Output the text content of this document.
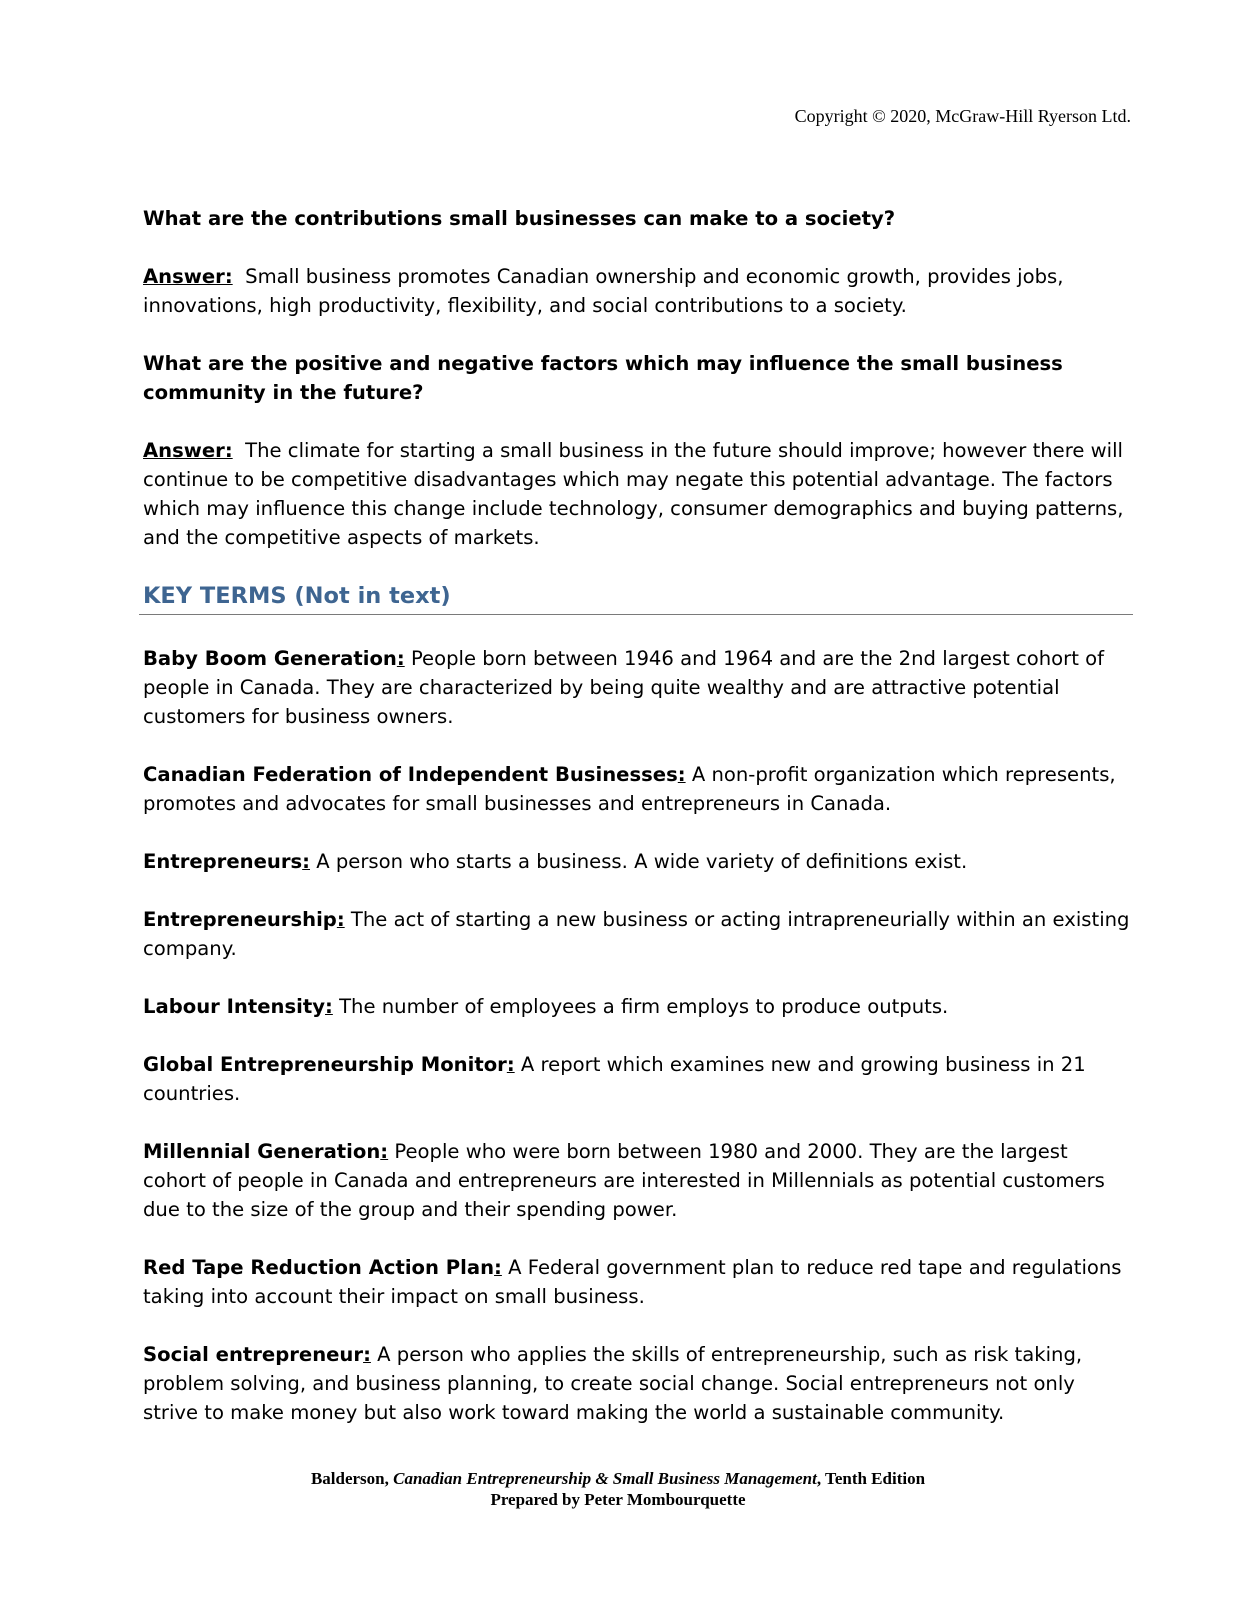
Copyright © 2020, McGraw-Hill Ryerson Ltd.

What are the contributions small businesses can make to a society?

Answer: Small business promotes Canadian ownership and economic growth, provides jobs, innovations, high productivity, flexibility, and social contributions to a society.

What are the positive and negative factors which may influence the small business community in the future?

Answer: The climate for starting a small business in the future should improve; however there will continue to be competitive disadvantages which may negate this potential advantage. The factors which may influence this change include technology, consumer demographics and buying patterns, and the competitive aspects of markets.

KEY TERMS (Not in text)

Baby Boom Generation: People born between 1946 and 1964 and are the 2nd largest cohort of people in Canada. They are characterized by being quite wealthy and are attractive potential customers for business owners.

Canadian Federation of Independent Businesses: A non-profit organization which represents, promotes and advocates for small businesses and entrepreneurs in Canada.

Entrepreneurs: A person who starts a business. A wide variety of definitions exist.

Entrepreneurship: The act of starting a new business or acting intrapreneurially within an existing company.

Labour Intensity: The number of employees a firm employs to produce outputs.

Global Entrepreneurship Monitor: A report which examines new and growing business in 21 countries.

Millennial Generation: People who were born between 1980 and 2000. They are the largest cohort of people in Canada and entrepreneurs are interested in Millennials as potential customers due to the size of the group and their spending power.

Red Tape Reduction Action Plan: A Federal government plan to reduce red tape and regulations taking into account their impact on small business.

Social entrepreneur: A person who applies the skills of entrepreneurship, such as risk taking, problem solving, and business planning, to create social change. Social entrepreneurs not only strive to make money but also work toward making the world a sustainable community.

Balderson, Canadian Entrepreneurship & Small Business Management, Tenth Edition
Prepared by Peter Mombourquette
